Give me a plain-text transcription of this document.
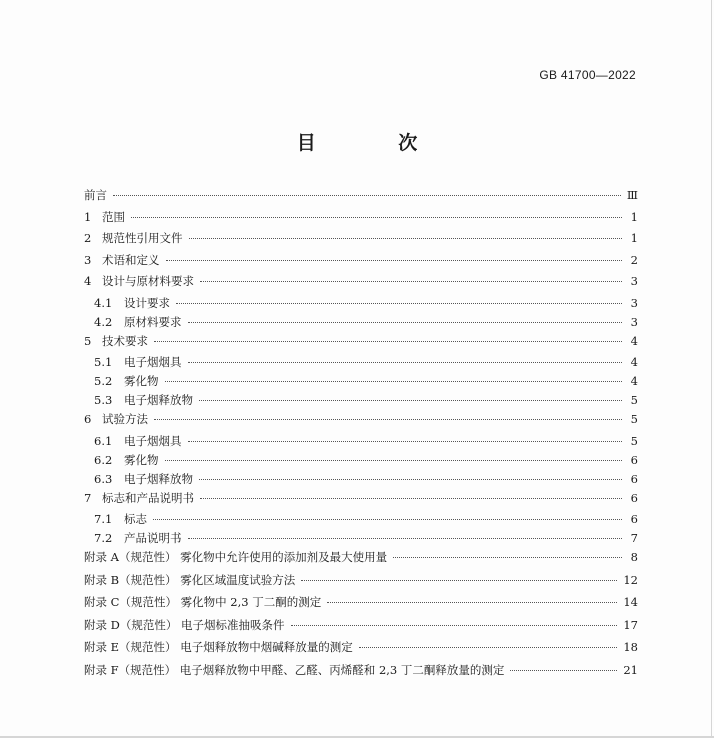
GB 41700—2022
目 次
前言	Ⅲ
1 范围	1
2 规范性引用文件	1
3 术语和定义	2
4 设计与原材料要求	3
4.1	设计要求	3
4.2	原材料要求	3
5 技术要求	4
5.1	电子烟烟具	4
5.2	雾化物	4
5.3	电子烟释放物	5
6 试验方法	5
6.1	电子烟烟具	5
6.2	雾化物	6
6.3	电子烟释放物	6
7 标志和产品说明书	6
7.1	标志	6
7.2	产品说明书	7
附录 A（规范性） 雾化物中允许使用的添加剂及最大使用量	8
附录 B（规范性） 雾化区域温度试验方法	12
附录 C（规范性） 雾化物中 2,3 丁二酮的测定	14
附录 D（规范性） 电子烟标准抽吸条件	17
附录 E（规范性） 电子烟释放物中烟碱释放量的测定	18
附录 F（规范性） 电子烟释放物中甲醛、乙醛、丙烯醛和 2,3 丁二酮释放量的测定	21
